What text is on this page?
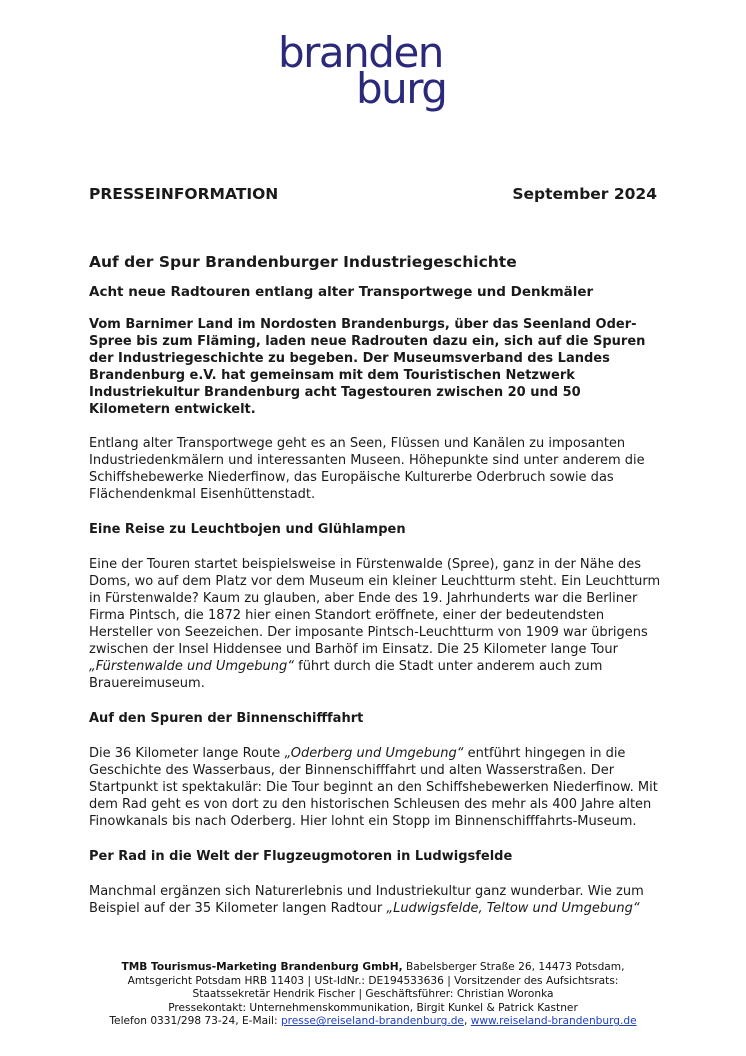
branden
burg
PRESSEINFORMATION	September 2024
Auf der Spur Brandenburger Industriegeschichte
Acht neue Radtouren entlang alter Transportwege und Denkmäler

Vom Barnimer Land im Nordosten Brandenburgs, über das Seenland Oder-Spree bis zum Fläming, laden neue Radrouten dazu ein, sich auf die Spuren der Industriegeschichte zu begeben. Der Museumsverband des Landes Brandenburg e.V. hat gemeinsam mit dem Touristischen Netzwerk Industriekultur Brandenburg acht Tagestouren zwischen 20 und 50 Kilometern entwickelt.

Entlang alter Transportwege geht es an Seen, Flüssen und Kanälen zu imposanten Industriedenkmälern und interessanten Museen. Höhepunkte sind unter anderem die Schiffshebewerke Niederfinow, das Europäische Kulturerbe Oderbruch sowie das Flächendenkmal Eisenhüttenstadt.

Eine Reise zu Leuchtbojen und Glühlampen

Eine der Touren startet beispielsweise in Fürstenwalde (Spree), ganz in der Nähe des Doms, wo auf dem Platz vor dem Museum ein kleiner Leuchtturm steht. Ein Leuchtturm in Fürstenwalde? Kaum zu glauben, aber Ende des 19. Jahrhunderts war die Berliner Firma Pintsch, die 1872 hier einen Standort eröffnete, einer der bedeutendsten Hersteller von Seezeichen. Der imposante Pintsch-Leuchtturm von 1909 war übrigens zwischen der Insel Hiddensee und Barhöf im Einsatz. Die 25 Kilometer lange Tour „Fürstenwalde und Umgebung“ führt durch die Stadt unter anderem auch zum Brauereimuseum.

Auf den Spuren der Binnenschifffahrt

Die 36 Kilometer lange Route „Oderberg und Umgebung“ entführt hingegen in die Geschichte des Wasserbaus, der Binnenschifffahrt und alten Wasserstraßen. Der Startpunkt ist spektakulär: Die Tour beginnt an den Schiffshebewerken Niederfinow. Mit dem Rad geht es von dort zu den historischen Schleusen des mehr als 400 Jahre alten Finowkanals bis nach Oderberg. Hier lohnt ein Stopp im Binnenschifffahrts-Museum.

Per Rad in die Welt der Flugzeugmotoren in Ludwigsfelde

Manchmal ergänzen sich Naturerlebnis und Industriekultur ganz wunderbar. Wie zum Beispiel auf der 35 Kilometer langen Radtour „Ludwigsfelde, Teltow und Umgebung“

TMB Tourismus-Marketing Brandenburg GmbH, Babelsberger Straße 26, 14473 Potsdam,
Amtsgericht Potsdam HRB 11403 | USt-IdNr.: DE194533636 | Vorsitzender des Aufsichtsrats:
Staatssekretär Hendrik Fischer | Geschäftsführer: Christian Woronka
Pressekontakt: Unternehmenskommunikation, Birgit Kunkel & Patrick Kastner
Telefon 0331/298 73-24, E-Mail: presse@reiseland-brandenburg.de, www.reiseland-brandenburg.de
